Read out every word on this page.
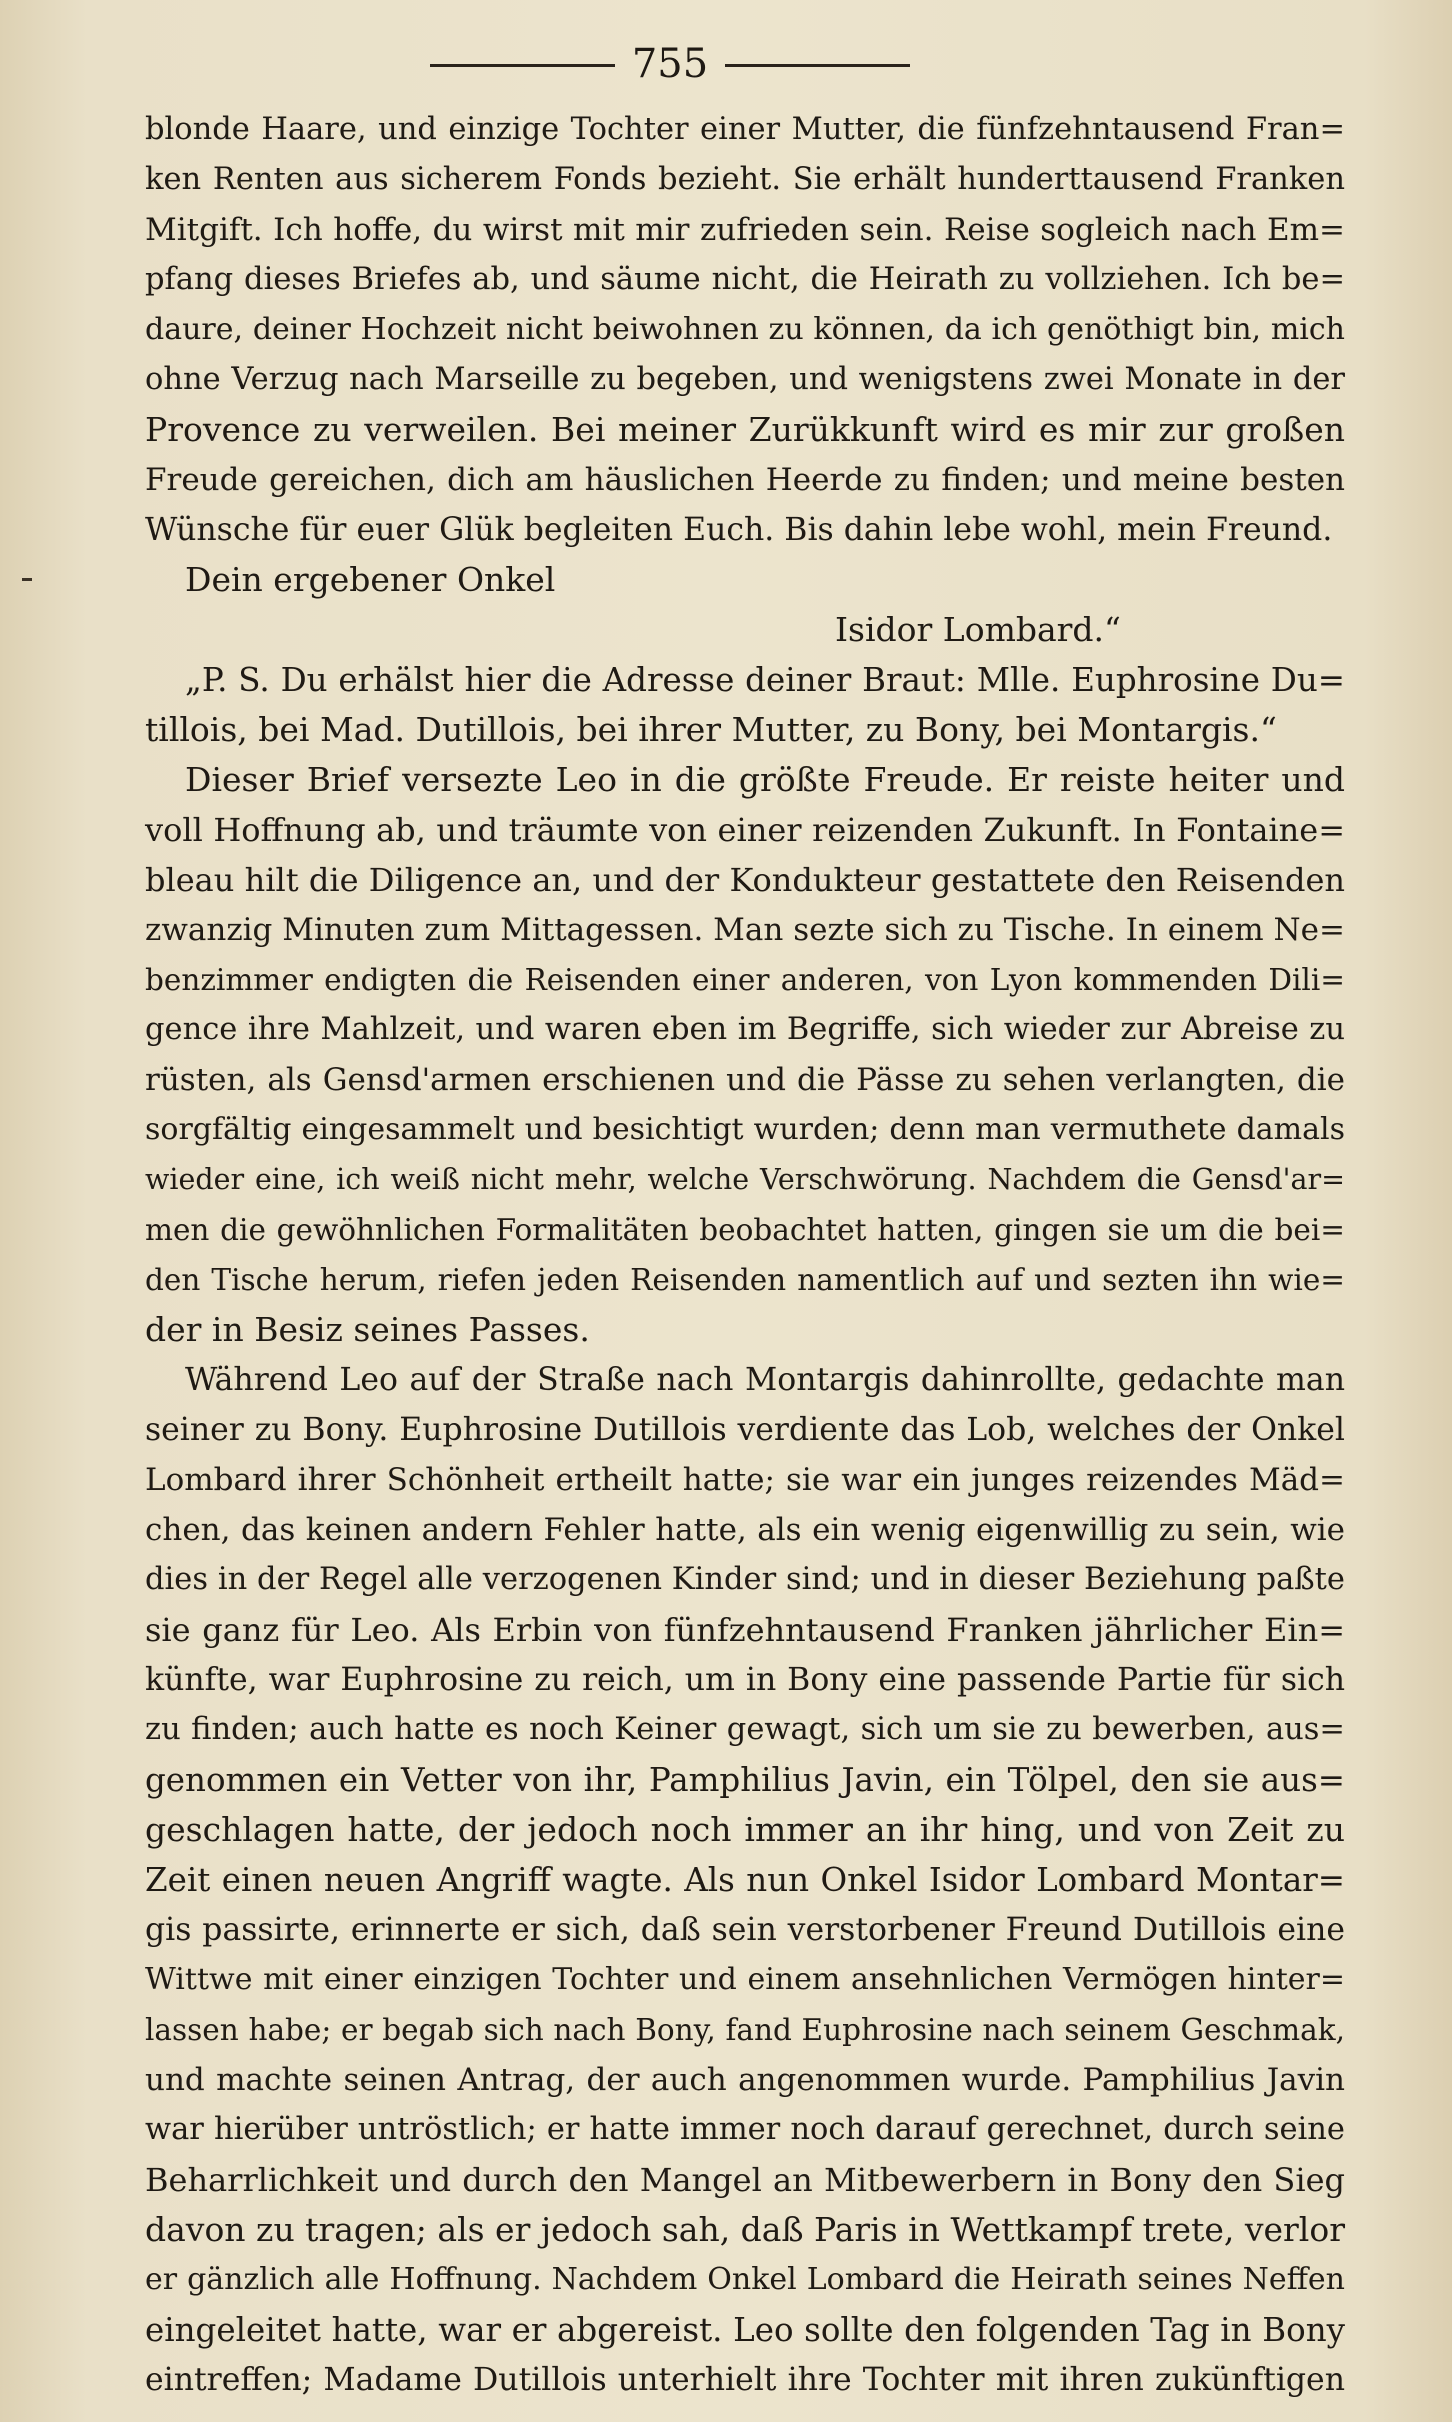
755
blonde Haare, und einzige Tochter einer Mutter, die fünfzehntausend Fran=
ken Renten aus sicherem Fonds bezieht. Sie erhält hunderttausend Franken
Mitgift. Ich hoffe, du wirst mit mir zufrieden sein. Reise sogleich nach Em=
pfang dieses Briefes ab, und säume nicht, die Heirath zu vollziehen. Ich be=
daure, deiner Hochzeit nicht beiwohnen zu können, da ich genöthigt bin, mich
ohne Verzug nach Marseille zu begeben, und wenigstens zwei Monate in der
Provence zu verweilen. Bei meiner Zurükkunft wird es mir zur großen
Freude gereichen, dich am häuslichen Heerde zu finden; und meine besten
Wünsche für euer Glük begleiten Euch. Bis dahin lebe wohl, mein Freund.
Dein ergebener Onkel
Isidor Lombard.“
„P. S. Du erhälst hier die Adresse deiner Braut: Mlle. Euphrosine Du=
tillois, bei Mad. Dutillois, bei ihrer Mutter, zu Bony, bei Montargis.“
Dieser Brief versezte Leo in die größte Freude. Er reiste heiter und
voll Hoffnung ab, und träumte von einer reizenden Zukunft. In Fontaine=
bleau hilt die Diligence an, und der Kondukteur gestattete den Reisenden
zwanzig Minuten zum Mittagessen. Man sezte sich zu Tische. In einem Ne=
benzimmer endigten die Reisenden einer anderen, von Lyon kommenden Dili=
gence ihre Mahlzeit, und waren eben im Begriffe, sich wieder zur Abreise zu
rüsten, als Gensd'armen erschienen und die Pässe zu sehen verlangten, die
sorgfältig eingesammelt und besichtigt wurden; denn man vermuthete damals
wieder eine, ich weiß nicht mehr, welche Verschwörung. Nachdem die Gensd'ar=
men die gewöhnlichen Formalitäten beobachtet hatten, gingen sie um die bei=
den Tische herum, riefen jeden Reisenden namentlich auf und sezten ihn wie=
der in Besiz seines Passes.
Während Leo auf der Straße nach Montargis dahinrollte, gedachte man
seiner zu Bony. Euphrosine Dutillois verdiente das Lob, welches der Onkel
Lombard ihrer Schönheit ertheilt hatte; sie war ein junges reizendes Mäd=
chen, das keinen andern Fehler hatte, als ein wenig eigenwillig zu sein, wie
dies in der Regel alle verzogenen Kinder sind; und in dieser Beziehung paßte
sie ganz für Leo. Als Erbin von fünfzehntausend Franken jährlicher Ein=
künfte, war Euphrosine zu reich, um in Bony eine passende Partie für sich
zu finden; auch hatte es noch Keiner gewagt, sich um sie zu bewerben, aus=
genommen ein Vetter von ihr, Pamphilius Javin, ein Tölpel, den sie aus=
geschlagen hatte, der jedoch noch immer an ihr hing, und von Zeit zu
Zeit einen neuen Angriff wagte. Als nun Onkel Isidor Lombard Montar=
gis passirte, erinnerte er sich, daß sein verstorbener Freund Dutillois eine
Wittwe mit einer einzigen Tochter und einem ansehnlichen Vermögen hinter=
lassen habe; er begab sich nach Bony, fand Euphrosine nach seinem Geschmak,
und machte seinen Antrag, der auch angenommen wurde. Pamphilius Javin
war hierüber untröstlich; er hatte immer noch darauf gerechnet, durch seine
Beharrlichkeit und durch den Mangel an Mitbewerbern in Bony den Sieg
davon zu tragen; als er jedoch sah, daß Paris in Wettkampf trete, verlor
er gänzlich alle Hoffnung. Nachdem Onkel Lombard die Heirath seines Neffen
eingeleitet hatte, war er abgereist. Leo sollte den folgenden Tag in Bony
eintreffen; Madame Dutillois unterhielt ihre Tochter mit ihren zukünftigen
